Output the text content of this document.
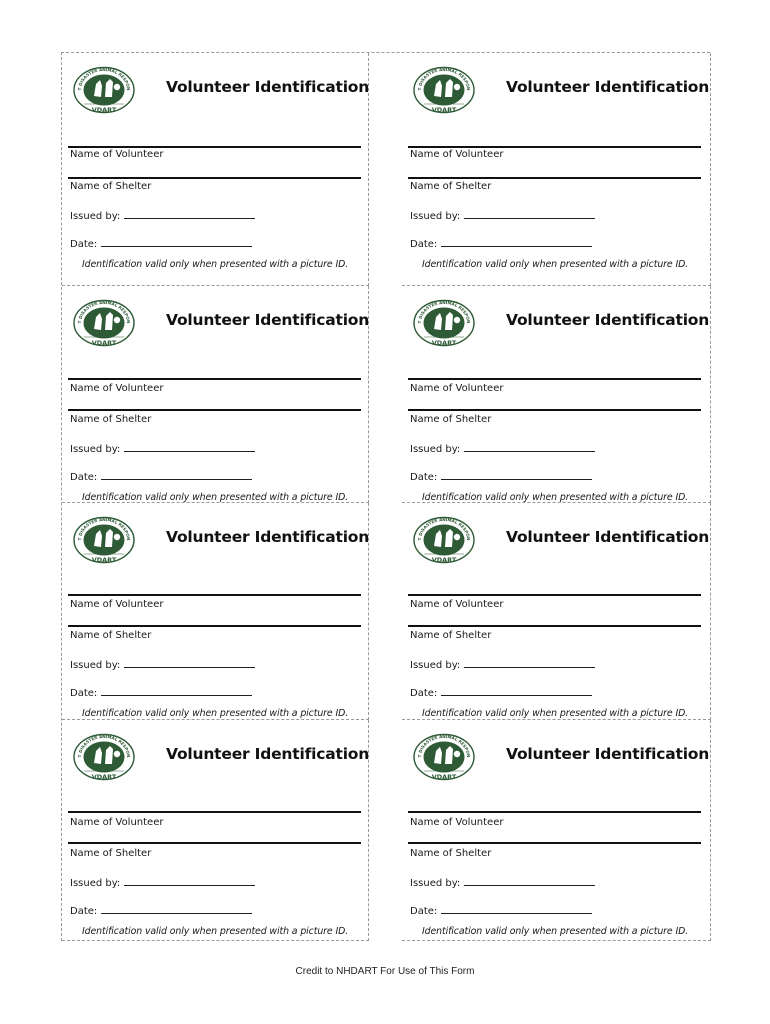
T DISASTER ANIMAL RESPON
VDART

Volunteer Identification

Name of Volunteer

Name of Shelter

Issued by:

Date:

Identification valid only when presented with a picture ID.

T DISASTER ANIMAL RESPON
VDART

Volunteer Identification

Name of Volunteer

Name of Shelter

Issued by:

Date:

Identification valid only when presented with a picture ID.

T DISASTER ANIMAL RESPON
VDART

Volunteer Identification

Name of Volunteer

Name of Shelter

Issued by:

Date:

Identification valid only when presented with a picture ID.

T DISASTER ANIMAL RESPON
VDART

Volunteer Identification

Name of Volunteer

Name of Shelter

Issued by:

Date:

Identification valid only when presented with a picture ID.

T DISASTER ANIMAL RESPON
VDART

Volunteer Identification

Name of Volunteer

Name of Shelter

Issued by:

Date:

Identification valid only when presented with a picture ID.

T DISASTER ANIMAL RESPON
VDART

Volunteer Identification

Name of Volunteer

Name of Shelter

Issued by:

Date:

Identification valid only when presented with a picture ID.

T DISASTER ANIMAL RESPON
VDART

Volunteer Identification

Name of Volunteer

Name of Shelter

Issued by:

Date:

Identification valid only when presented with a picture ID.

T DISASTER ANIMAL RESPON
VDART

Volunteer Identification

Name of Volunteer

Name of Shelter

Issued by:

Date:

Identification valid only when presented with a picture ID.

Credit to NHDART For Use of This Form
